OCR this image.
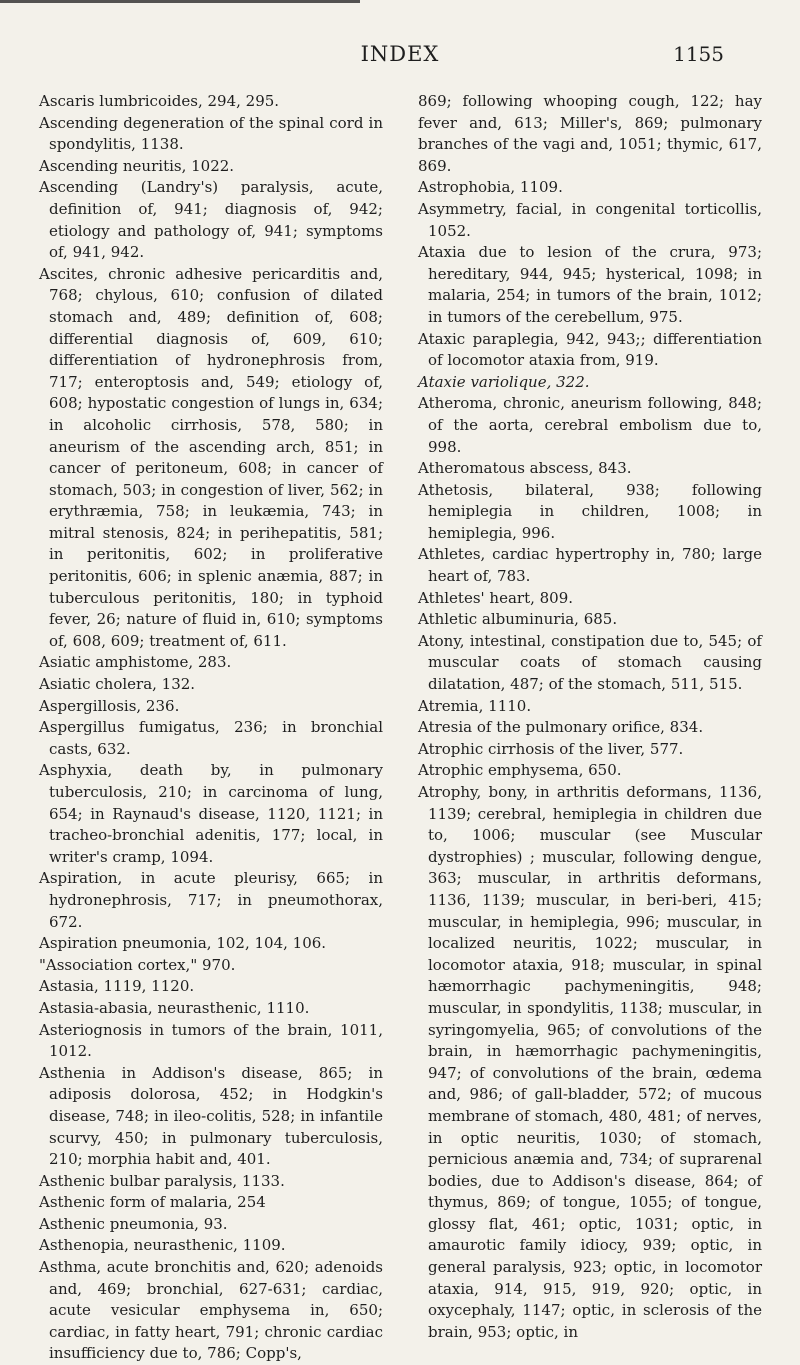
INDEX	1155

Ascaris lumbricoides, 294, 295.

Ascending degeneration of the spinal cord in spondylitis, 1138.

Ascending neuritis, 1022.

Ascending (Landry's) paralysis, acute, definition of, 941; diagnosis of, 942; etiology and pathology of, 941; symptoms of, 941, 942.

Ascites, chronic adhesive pericarditis and, 768; chylous, 610; confusion of dilated stomach and, 489; definition of, 608; differential diagnosis of, 609, 610; differentiation of hydronephrosis from, 717; enteroptosis and, 549; etiology of, 608; hypostatic congestion of lungs in, 634; in alcoholic cirrhosis, 578, 580; in aneurism of the ascending arch, 851; in cancer of peritoneum, 608; in cancer of stomach, 503; in congestion of liver, 562; in erythræmia, 758; in leukæmia, 743; in mitral stenosis, 824; in perihepatitis, 581; in peritonitis, 602; in proliferative peritonitis, 606; in splenic anæmia, 887; in tuberculous peritonitis, 180; in typhoid fever, 26; nature of fluid in, 610; symptoms of, 608, 609; treatment of, 611.

Asiatic amphistome, 283.

Asiatic cholera, 132.

Aspergillosis, 236.

Aspergillus fumigatus, 236; in bronchial casts, 632.

Asphyxia, death by, in pulmonary tuberculosis, 210; in carcinoma of lung, 654; in Raynaud's disease, 1120, 1121; in tracheo-bronchial adenitis, 177; local, in writer's cramp, 1094.

Aspiration, in acute pleurisy, 665; in hydronephrosis, 717; in pneumothorax, 672.

Aspiration pneumonia, 102, 104, 106.

"Association cortex," 970.

Astasia, 1119, 1120.

Astasia-abasia, neurasthenic, 1110.

Asteriognosis in tumors of the brain, 1011, 1012.

Asthenia in Addison's disease, 865; in adiposis dolorosa, 452; in Hodgkin's disease, 748; in ileo-colitis, 528; in infantile scurvy, 450; in pulmonary tuberculosis, 210; morphia habit and, 401.

Asthenic bulbar paralysis, 1133.

Asthenic form of malaria, 254

Asthenic pneumonia, 93.

Asthenopia, neurasthenic, 1109.

Asthma, acute bronchitis and, 620; adenoids and, 469; bronchial, 627-631; cardiac, acute vesicular emphysema in, 650; cardiac, in fatty heart, 791; chronic cardiac insufficiency due to, 786; Copp's,

869; following whooping cough, 122; hay fever and, 613; Miller's, 869; pulmonary branches of the vagi and, 1051; thymic, 617, 869.

Astrophobia, 1109.

Asymmetry, facial, in congenital torticollis, 1052.

Ataxia due to lesion of the crura, 973; hereditary, 944, 945; hysterical, 1098; in malaria, 254; in tumors of the brain, 1012; in tumors of the cerebellum, 975.

Ataxic paraplegia, 942, 943;; differentiation of locomotor ataxia from, 919.

Ataxie variolique, 322.

Atheroma, chronic, aneurism following, 848; of the aorta, cerebral embolism due to, 998.

Atheromatous abscess, 843.

Athetosis, bilateral, 938; following hemiplegia in children, 1008; in hemiplegia, 996.

Athletes, cardiac hypertrophy in, 780; large heart of, 783.

Athletes' heart, 809.

Athletic albuminuria, 685.

Atony, intestinal, constipation due to, 545; of muscular coats of stomach causing dilatation, 487; of the stomach, 511, 515.

Atremia, 1110.

Atresia of the pulmonary orifice, 834.

Atrophic cirrhosis of the liver, 577.

Atrophic emphysema, 650.

Atrophy, bony, in arthritis deformans, 1136, 1139; cerebral, hemiplegia in children due to, 1006; muscular (see Muscular dystrophies) ; muscular, following dengue, 363; muscular, in arthritis deformans, 1136, 1139; muscular, in beri-beri, 415; muscular, in hemiplegia, 996; muscular, in localized neuritis, 1022; muscular, in locomotor ataxia, 918; muscular, in spinal hæmorrhagic pachymeningitis, 948; muscular, in spondylitis, 1138; muscular, in syringomyelia, 965; of convolutions of the brain, in hæmorrhagic pachymeningitis, 947; of convolutions of the brain, œdema and, 986; of gall-bladder, 572; of mucous membrane of stomach, 480, 481; of nerves, in optic neuritis, 1030; of stomach, pernicious anæmia and, 734; of suprarenal bodies, due to Addison's disease, 864; of thymus, 869; of tongue, 1055; of tongue, glossy flat, 461; optic, 1031; optic, in amaurotic family idiocy, 939; optic, in general paralysis, 923; optic, in locomotor ataxia, 914, 915, 919, 920; optic, in oxycephaly, 1147; optic, in sclerosis of the brain, 953; optic, in
